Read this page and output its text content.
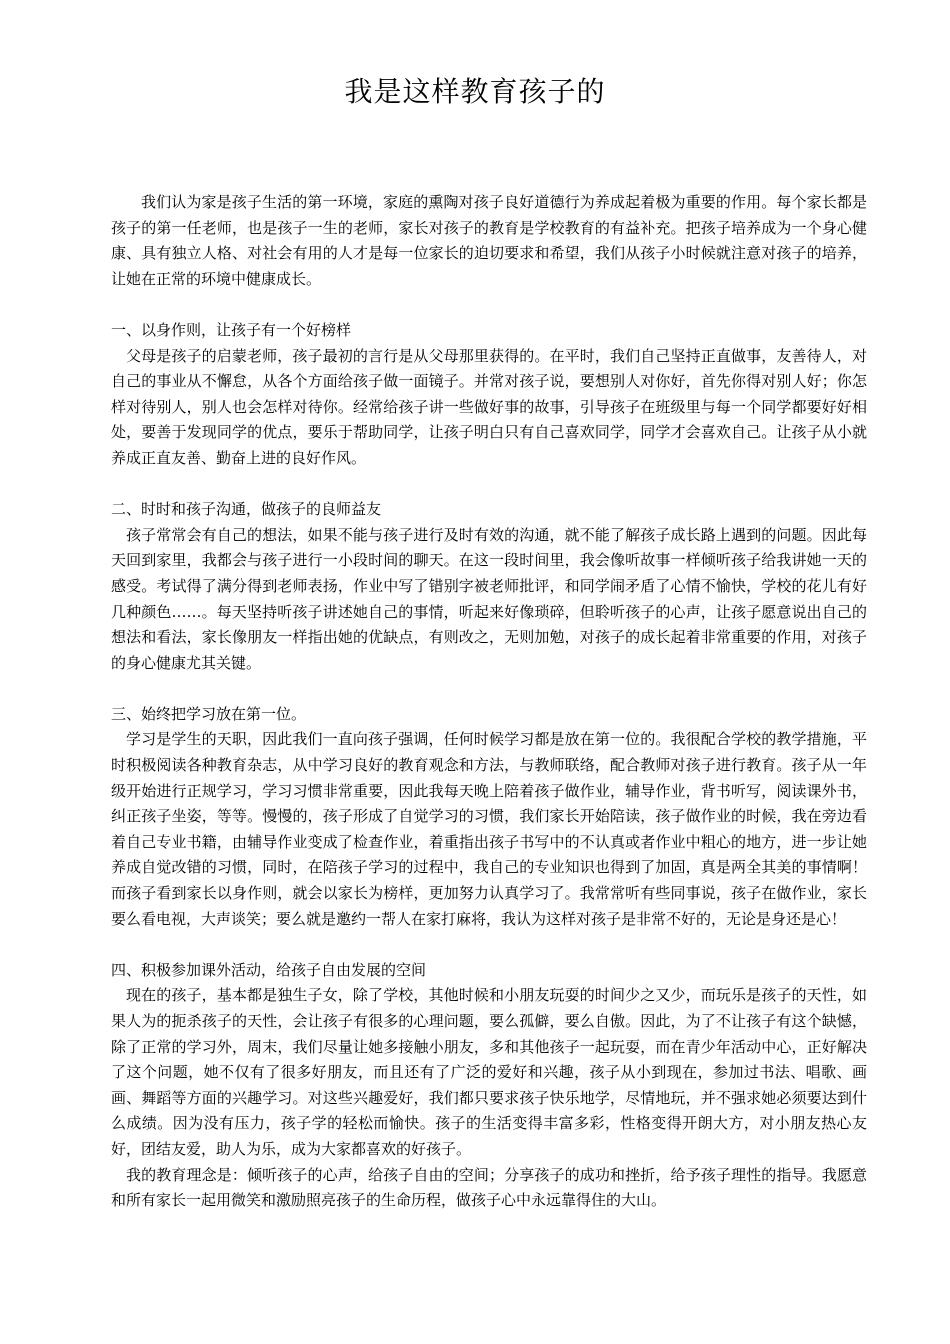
我是这样教育孩子的

我们认为家是孩子生活的第一环境，家庭的熏陶对孩子良好道德行为养成起着极为重要的作用。每个家长都是孩子的第一任老师，也是孩子一生的老师，家长对孩子的教育是学校教育的有益补充。把孩子培养成为一个身心健康、具有独立人格、对社会有用的人才是每一位家长的迫切要求和希望，我们从孩子小时候就注意对孩子的培养，让她在正常的环境中健康成长。

一、以身作则，让孩子有一个好榜样

父母是孩子的启蒙老师，孩子最初的言行是从父母那里获得的。在平时，我们自己坚持正直做事，友善待人，对自己的事业从不懈怠，从各个方面给孩子做一面镜子。并常对孩子说，要想别人对你好，首先你得对别人好；你怎样对待别人，别人也会怎样对待你。经常给孩子讲一些做好事的故事，引导孩子在班级里与每一个同学都要好好相处，要善于发现同学的优点，要乐于帮助同学，让孩子明白只有自己喜欢同学，同学才会喜欢自己。让孩子从小就养成正直友善、勤奋上进的良好作风。

二、时时和孩子沟通，做孩子的良师益友

孩子常常会有自己的想法，如果不能与孩子进行及时有效的沟通，就不能了解孩子成长路上遇到的问题。因此每天回到家里，我都会与孩子进行一小段时间的聊天。在这一段时间里，我会像听故事一样倾听孩子给我讲她一天的感受。考试得了满分得到老师表扬，作业中写了错别字被老师批评，和同学闹矛盾了心情不愉快，学校的花儿有好几种颜色……。每天坚持听孩子讲述她自己的事情，听起来好像琐碎，但聆听孩子的心声，让孩子愿意说出自己的想法和看法，家长像朋友一样指出她的优缺点，有则改之，无则加勉，对孩子的成长起着非常重要的作用，对孩子的身心健康尤其关键。

三、始终把学习放在第一位。

学习是学生的天职，因此我们一直向孩子强调，任何时候学习都是放在第一位的。我很配合学校的教学措施，平时积极阅读各种教育杂志，从中学习良好的教育观念和方法，与教师联络，配合教师对孩子进行教育。孩子从一年级开始进行正规学习，学习习惯非常重要，因此我每天晚上陪着孩子做作业，辅导作业，背书听写，阅读课外书，纠正孩子坐姿，等等。慢慢的，孩子形成了自觉学习的习惯，我们家长开始陪读，孩子做作业的时候，我在旁边看着自己专业书籍，由辅导作业变成了检查作业，着重指出孩子书写中的不认真或者作业中粗心的地方，进一步让她养成自觉改错的习惯，同时，在陪孩子学习的过程中，我自己的专业知识也得到了加固，真是两全其美的事情啊！而孩子看到家长以身作则，就会以家长为榜样，更加努力认真学习了。我常常听有些同事说，孩子在做作业，家长要么看电视，大声谈笑；要么就是邀约一帮人在家打麻将，我认为这样对孩子是非常不好的，无论是身还是心！

四、积极参加课外活动，给孩子自由发展的空间

现在的孩子，基本都是独生子女，除了学校，其他时候和小朋友玩耍的时间少之又少，而玩乐是孩子的天性，如果人为的扼杀孩子的天性，会让孩子有很多的心理问题，要么孤僻，要么自傲。因此，为了不让孩子有这个缺憾，除了正常的学习外，周末，我们尽量让她多接触小朋友，多和其他孩子一起玩耍，而在青少年活动中心，正好解决了这个问题，她不仅有了很多好朋友，而且还有了广泛的爱好和兴趣，孩子从小到现在，参加过书法、唱歌、画画、舞蹈等方面的兴趣学习。对这些兴趣爱好，我们都只要求孩子快乐地学，尽情地玩，并不强求她必须要达到什么成绩。因为没有压力，孩子学的轻松而愉快。孩子的生活变得丰富多彩，性格变得开朗大方，对小朋友热心友好，团结友爱，助人为乐，成为大家都喜欢的好孩子。

我的教育理念是：倾听孩子的心声，给孩子自由的空间；分享孩子的成功和挫折，给予孩子理性的指导。我愿意和所有家长一起用微笑和激励照亮孩子的生命历程，做孩子心中永远靠得住的大山。
